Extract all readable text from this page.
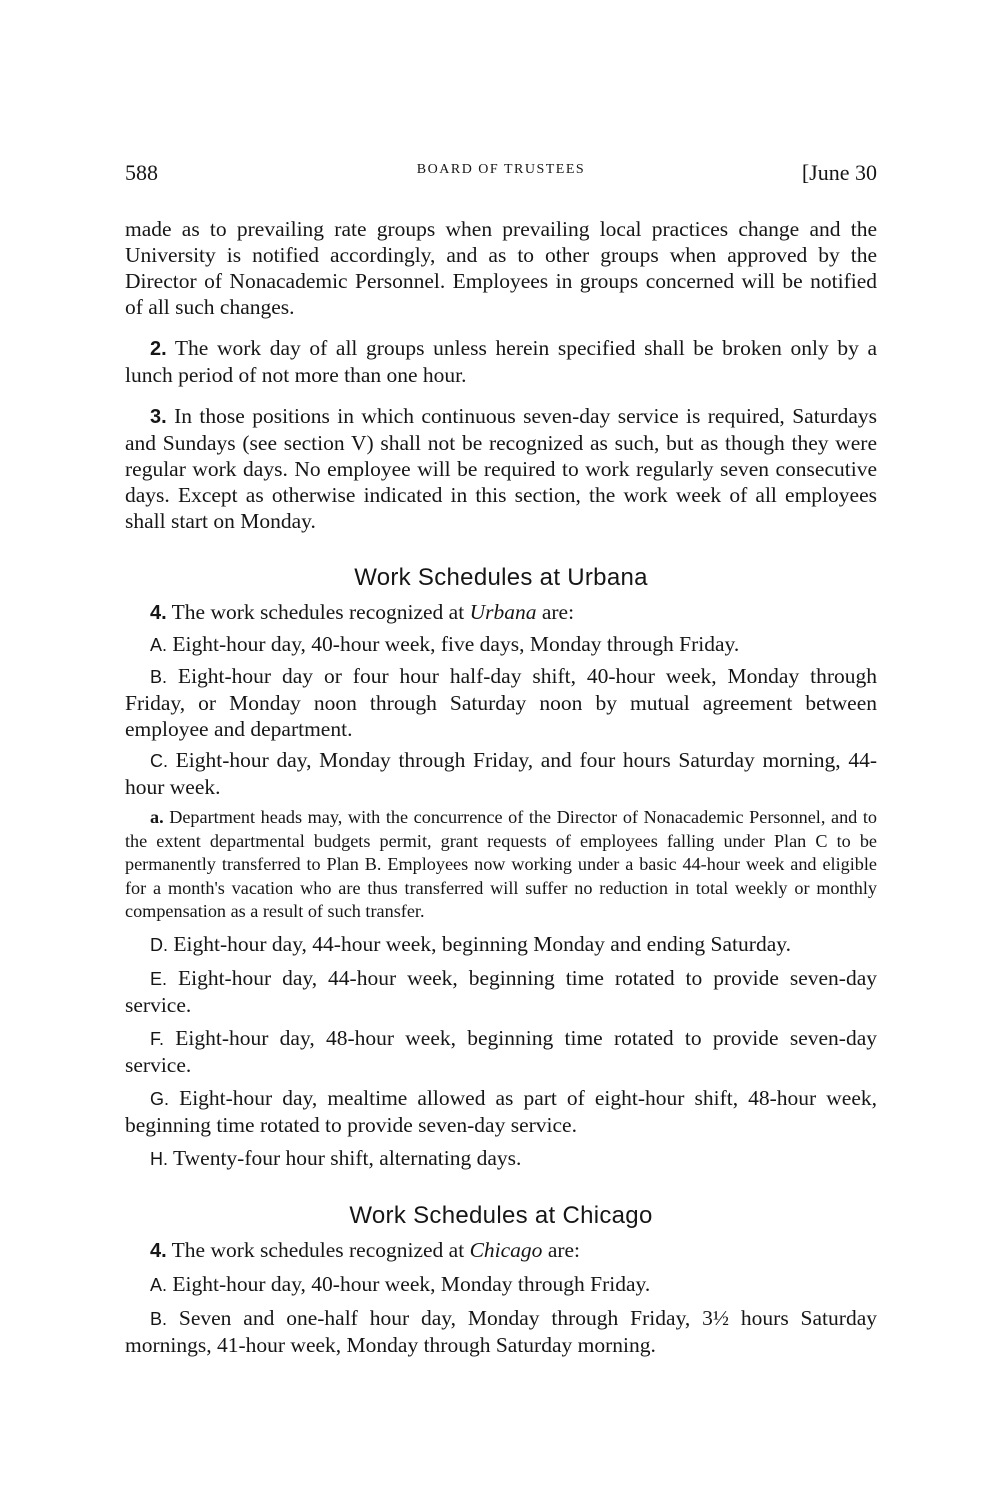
588	BOARD OF TRUSTEES	[June 30

made as to prevailing rate groups when prevailing local practices change and the University is notified accordingly, and as to other groups when approved by the Director of Nonacademic Personnel. Employees in groups concerned will be notified of all such changes.

2. The work day of all groups unless herein specified shall be broken only by a lunch period of not more than one hour.

3. In those positions in which continuous seven-day service is required, Saturdays and Sundays (see section V) shall not be recognized as such, but as though they were regular work days. No employee will be required to work regularly seven consecutive days. Except as otherwise indicated in this section, the work week of all employees shall start on Monday.

Work Schedules at Urbana

4. The work schedules recognized at Urbana are:

A. Eight-hour day, 40-hour week, five days, Monday through Friday.

B. Eight-hour day or four hour half-day shift, 40-hour week, Monday through Friday, or Monday noon through Saturday noon by mutual agreement between employee and department.

C. Eight-hour day, Monday through Friday, and four hours Saturday morning, 44-hour week.

a. Department heads may, with the concurrence of the Director of Nonacademic Personnel, and to the extent departmental budgets permit, grant requests of employees falling under Plan C to be permanently transferred to Plan B. Employees now working under a basic 44-hour week and eligible for a month's vacation who are thus transferred will suffer no reduction in total weekly or monthly compensation as a result of such transfer.

D. Eight-hour day, 44-hour week, beginning Monday and ending Saturday.

E. Eight-hour day, 44-hour week, beginning time rotated to provide seven-day service.

F. Eight-hour day, 48-hour week, beginning time rotated to provide seven-day service.

G. Eight-hour day, mealtime allowed as part of eight-hour shift, 48-hour week, beginning time rotated to provide seven-day service.

H. Twenty-four hour shift, alternating days.

Work Schedules at Chicago

4. The work schedules recognized at Chicago are:

A. Eight-hour day, 40-hour week, Monday through Friday.

B. Seven and one-half hour day, Monday through Friday, 3½ hours Saturday mornings, 41-hour week, Monday through Saturday morning.
